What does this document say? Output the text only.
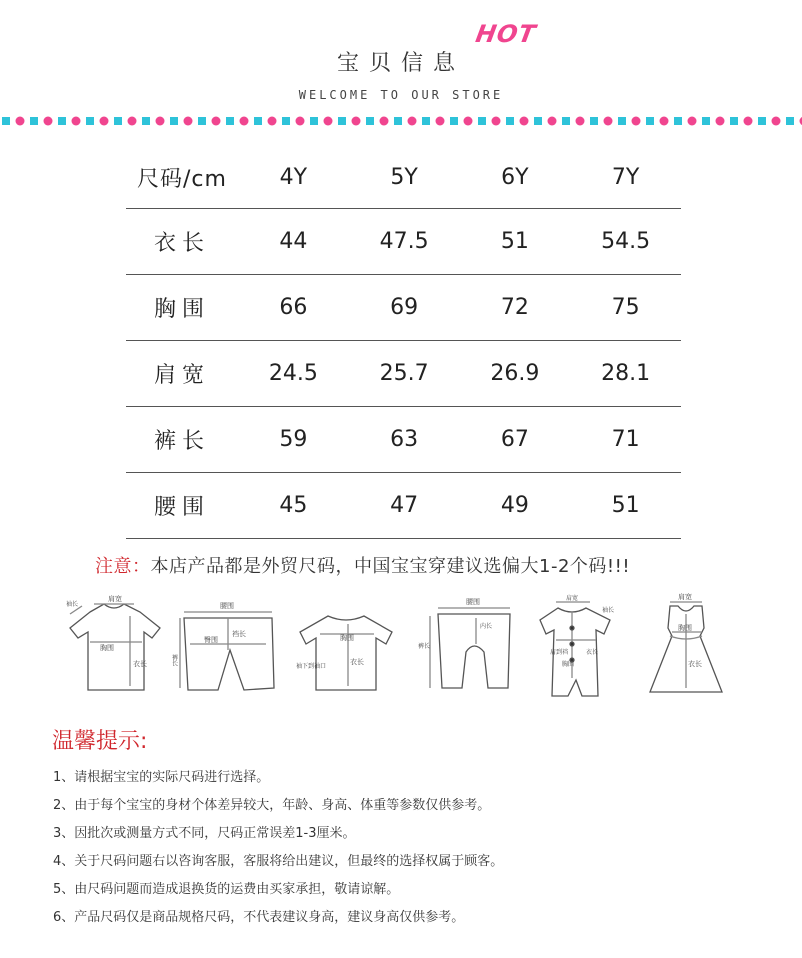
宝贝信息
HOT
WELCOME TO OUR STORE
尺码/cm	4Y	5Y	6Y	7Y
衣长	44	47.5	51	54.5
胸围	66	69	72	75
肩宽	24.5	25.7	26.9	28.1
裤长	59	63	67	71
腰围	45	47	49	51
注意：本店产品都是外贸尺码，中国宝宝穿建议选偏大1-2个码!!!
肩宽
胸围
衣长
袖长	腰围
裤长
裆长
臀围	胸围
衣长
袖下到袖口
腰围
裤长
内长
肩宽
袖长
胸围
衣长
肩到裆
肩宽
胸围
衣长
温馨提示:
1、请根据宝宝的实际尺码进行选择。
2、由于每个宝宝的身材个体差异较大，年龄、身高、体重等参数仅供参考。
3、因批次或测量方式不同，尺码正常误差1-3厘米。
4、关于尺码问题右以咨询客服，客服将给出建议，但最终的选择权属于顾客。
5、由尺码问题而造成退换货的运费由买家承担，敬请谅解。
6、产品尺码仅是商品规格尺码，不代表建议身高，建议身高仅供参考。
